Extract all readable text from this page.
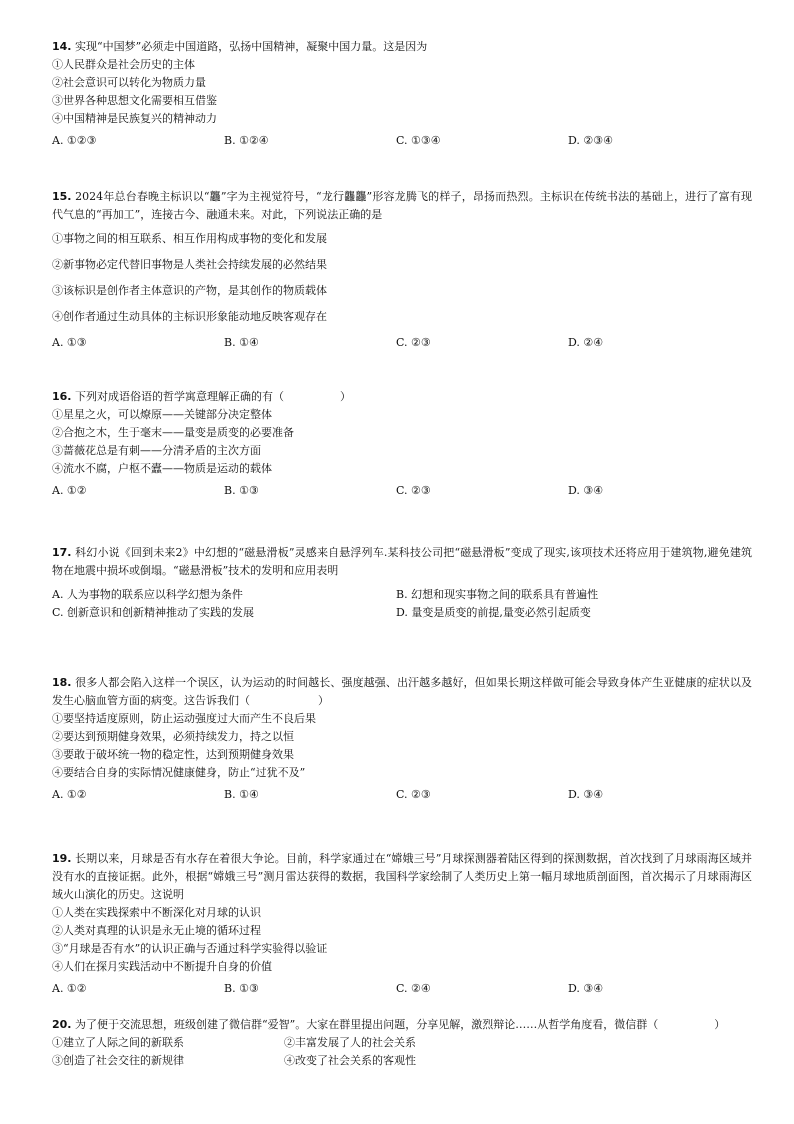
14. 实现“中国梦”必须走中国道路，弘扬中国精神，凝聚中国力量。这是因为

①人民群众是社会历史的主体

②社会意识可以转化为物质力量

③世界各种思想文化需要相互借鉴

④中国精神是民族复兴的精神动力

A. ①②③	B. ①②④	C. ①③④	D. ②③④

15. 2024年总台春晚主标识以“龘”字为主视觉符号，“龙行龘龘”形容龙腾飞的样子，昂扬而热烈。主标识在传统书法的基础上，进行了富有现代气息的“再加工”，连接古今、融通未来。对此，下列说法正确的是

①事物之间的相互联系、相互作用构成事物的变化和发展

②新事物必定代替旧事物是人类社会持续发展的必然结果

③该标识是创作者主体意识的产物，是其创作的物质载体

④创作者通过生动具体的主标识形象能动地反映客观存在

A. ①③	B. ①④	C. ②③	D. ②④

16. 下列对成语俗语的哲学寓意理解正确的有（	）

①星星之火，可以燎原——关键部分决定整体

②合抱之木，生于毫末——量变是质变的必要准备

③蔷薇花总是有刺——分清矛盾的主次方面

④流水不腐，户枢不蠹——物质是运动的载体

A. ①②	B. ①③	C. ②③	D. ③④

17. 科幻小说《回到未来2》中幻想的“磁悬滑板”灵感来自悬浮列车.某科技公司把“磁悬滑板”变成了现实,该项技术还将应用于建筑物,避免建筑物在地震中损坏或倒塌。“磁悬滑板”技术的发明和应用表明

A. 人为事物的联系应以科学幻想为条件	B. 幻想和现实事物之间的联系具有普遍性
C. 创新意识和创新精神推动了实践的发展	D. 量变是质变的前提,量变必然引起质变

18. 很多人都会陷入这样一个误区，认为运动的时间越长、强度越强、出汗越多越好，但如果长期这样做可能会导致身体产生亚健康的症状以及发生心脑血管方面的病变。这告诉我们（	）

①要坚持适度原则，防止运动强度过大而产生不良后果

②要达到预期健身效果，必须持续发力，持之以恒

③要敢于破坏统一物的稳定性，达到预期健身效果

④要结合自身的实际情况健康健身，防止“过犹不及”

A. ①②	B. ①④	C. ②③	D. ③④

19. 长期以来，月球是否有水存在着很大争论。目前，科学家通过在“嫦娥三号”月球探测器着陆区得到的探测数据，首次找到了月球雨海区域并没有水的直接证据。此外，根据“嫦娥三号”测月雷达获得的数据，我国科学家绘制了人类历史上第一幅月球地质剖面图，首次揭示了月球雨海区域火山演化的历史。这说明

①人类在实践探索中不断深化对月球的认识

②人类对真理的认识是永无止境的循环过程

③“月球是否有水”的认识正确与否通过科学实验得以验证

④人们在探月实践活动中不断提升自身的价值

A. ①②	B. ①③	C. ②④	D. ③④

20. 为了便于交流思想，班级创建了微信群“爱智”。大家在群里提出问题，分享见解，激烈辩论……从哲学角度看，微信群（	）

①建立了人际之间的新联系	②丰富发展了人的社会关系
③创造了社会交往的新规律	④改变了社会关系的客观性
